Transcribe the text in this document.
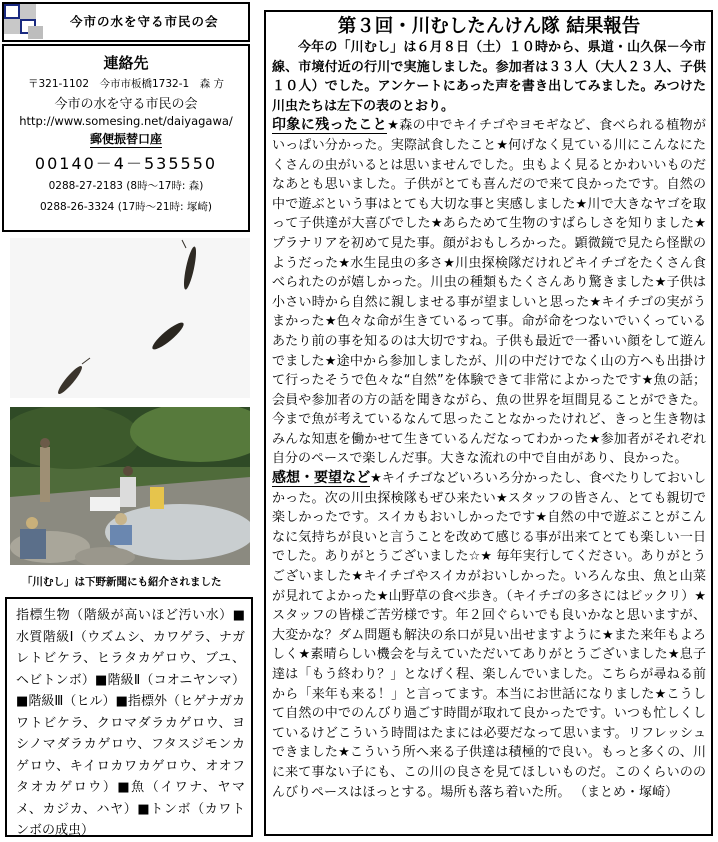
今市の水を守る市民の会
連絡先
〒321-1102　今市市板橋1732-1　森 方
今市の水を守る市民の会
http://www.somesing.net/daiyagawa/
郵便振替口座
00140－4－535550
0288-27-2183 (8時〜17時: 森)
0288-26-3324 (17時〜21時: 塚崎)
「川むし」は下野新聞にも紹介されました
指標生物（階級が高いほど汚い水）■水質階級Ⅰ（ウズムシ、カワゲラ、ナガレトビケラ、ヒラタカゲロウ、ブユ、ヘビトンボ）■階級Ⅱ（コオニヤンマ）■階級Ⅲ（ヒル）■指標外（ヒゲナガカワトビケラ、クロマダラカゲロウ、ヨシノマダラカゲロウ、フタスジモンカゲロウ、キイロカワカゲロウ、オオフタオカゲロウ）■魚（イワナ、ヤマメ、カジカ、ハヤ）■トンボ（カワトンボの成虫）
第３回・川むしたんけん隊 結果報告
今年の「川むし」は６月８日（土）１０時から、県道・山久保－今市線、市境付近の行川で実施しました。参加者は３３人（大人２３人、子供１０人）でした。アンケートにあった声を書き出してみました。みつけた川虫たちは左下の表のとおり。
印象に残ったこと★森の中でキイチゴやヨモギなど、食べられる植物がいっぱい分かった。実際試食したこと★何げなく見ている川にこんなにたくさんの虫がいるとは思いませんでした。虫もよく見るとかわいいものだなあとも思いました。子供がとても喜んだので来て良かったです。自然の中で遊ぶという事はとても大切な事と実感しました★川で大きなヤゴを取って子供達が大喜びでした★あらためて生物のすばらしさを知りました★プラナリアを初めて見た事。顔がおもしろかった。顕微鏡で見たら怪獣のようだった★水生昆虫の多さ★川虫探検隊だけれどキイチゴをたくさん食べられたのが嬉しかった。川虫の種類もたくさんあり驚きました★子供は小さい時から自然に親しませる事が望ましいと思った★キイチゴの実がうまかった★色々な命が生きているって事。命が命をつないでいくっているあたり前の事を知るのは大切ですね。子供も最近で一番いい顔をして遊んでました★途中から参加しましたが、川の中だけでなく山の方へも出掛けて行ったそうで色々な“自然”を体験できて非常によかったです★魚の話；会員や参加者の方の話を聞きながら、魚の世界を垣間見ることができた。今まで魚が考えているなんて思ったことなかったけれど、きっと生き物はみんな知恵を働かせて生きているんだなってわかった★参加者がそれぞれ自分のペースで楽しんだ事。大きな流れの中で自由があり、良かった。
感想・要望など★キイチゴなどいろいろ分かったし、食べたりしておいしかった。次の川虫探検隊もぜひ来たい★スタッフの皆さん、とても親切で楽しかったです。スイカもおいしかったです★自然の中で遊ぶことがこんなに気持ちが良いと言うことを改めて感じる事が出来てとても楽しい一日でした。ありがとうございました☆★ 毎年実行してください。ありがとうございました★キイチゴやスイカがおいしかった。いろんな虫、魚と山菜が見れてよかった★山野草の食べ歩き。（キイチゴの多さにはビックリ）★スタッフの皆様ご苦労様です。年２回ぐらいでも良いかなと思いますが、大変かな？ダム問題も解決の糸口が見い出せますように★また来年もよろしく★素晴らしい機会を与えていただいてありがとうございました★息子達は「もう終わり？」となげく程、楽しんでいました。こちらが尋ねる前から「来年も来る！」と言ってます。本当にお世話になりました★こうして自然の中でのんびり過ごす時間が取れて良かったです。いつも忙しくしているけどこういう時間はたまには必要だなって思います。リフレッシュできました★こういう所へ来る子供達は積極的で良い。もっと多くの、川に来て事ない子にも、この川の良さを見てほしいものだ。このくらいののんびりペースはほっとする。場所も落ち着いた所。 （まとめ・塚崎）
